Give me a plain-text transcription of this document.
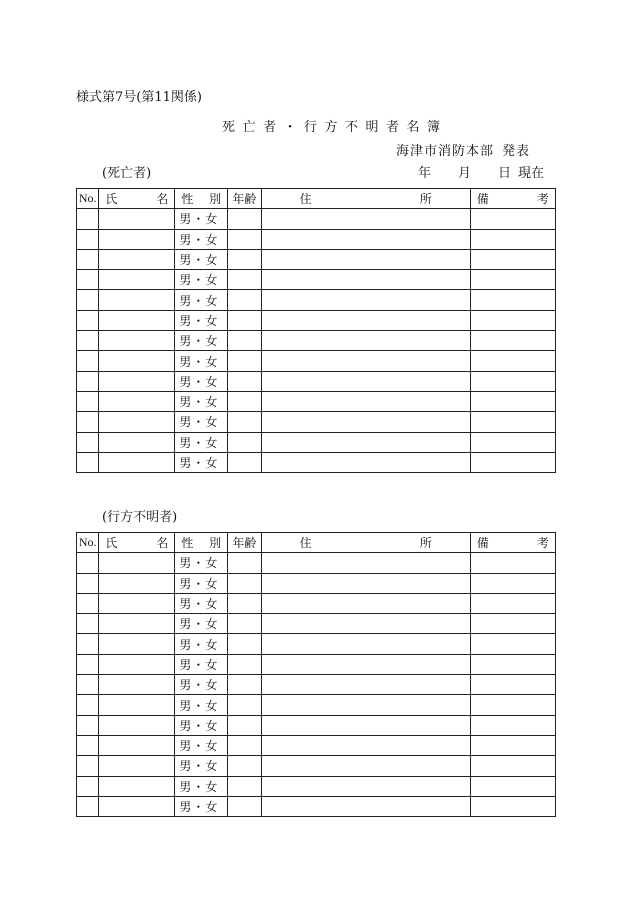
様式第7号(第11関係)
死亡者・行方不明者名簿
海津市消防本部 発表
(死亡者)	年 月 日 現在
No.	氏 名	性 別	年齢	住 所	備 考

		男・女			
		男・女			
		男・女			
		男・女			
		男・女			
		男・女			
		男・女			
		男・女			
		男・女			
		男・女			
		男・女			
		男・女			
		男・女			
(行方不明者)
No.	氏 名	性 別	年齢	住 所	備 考

		男・女			
		男・女			
		男・女			
		男・女			
		男・女			
		男・女			
		男・女			
		男・女			
		男・女			
		男・女			
		男・女			
		男・女			
		男・女			
